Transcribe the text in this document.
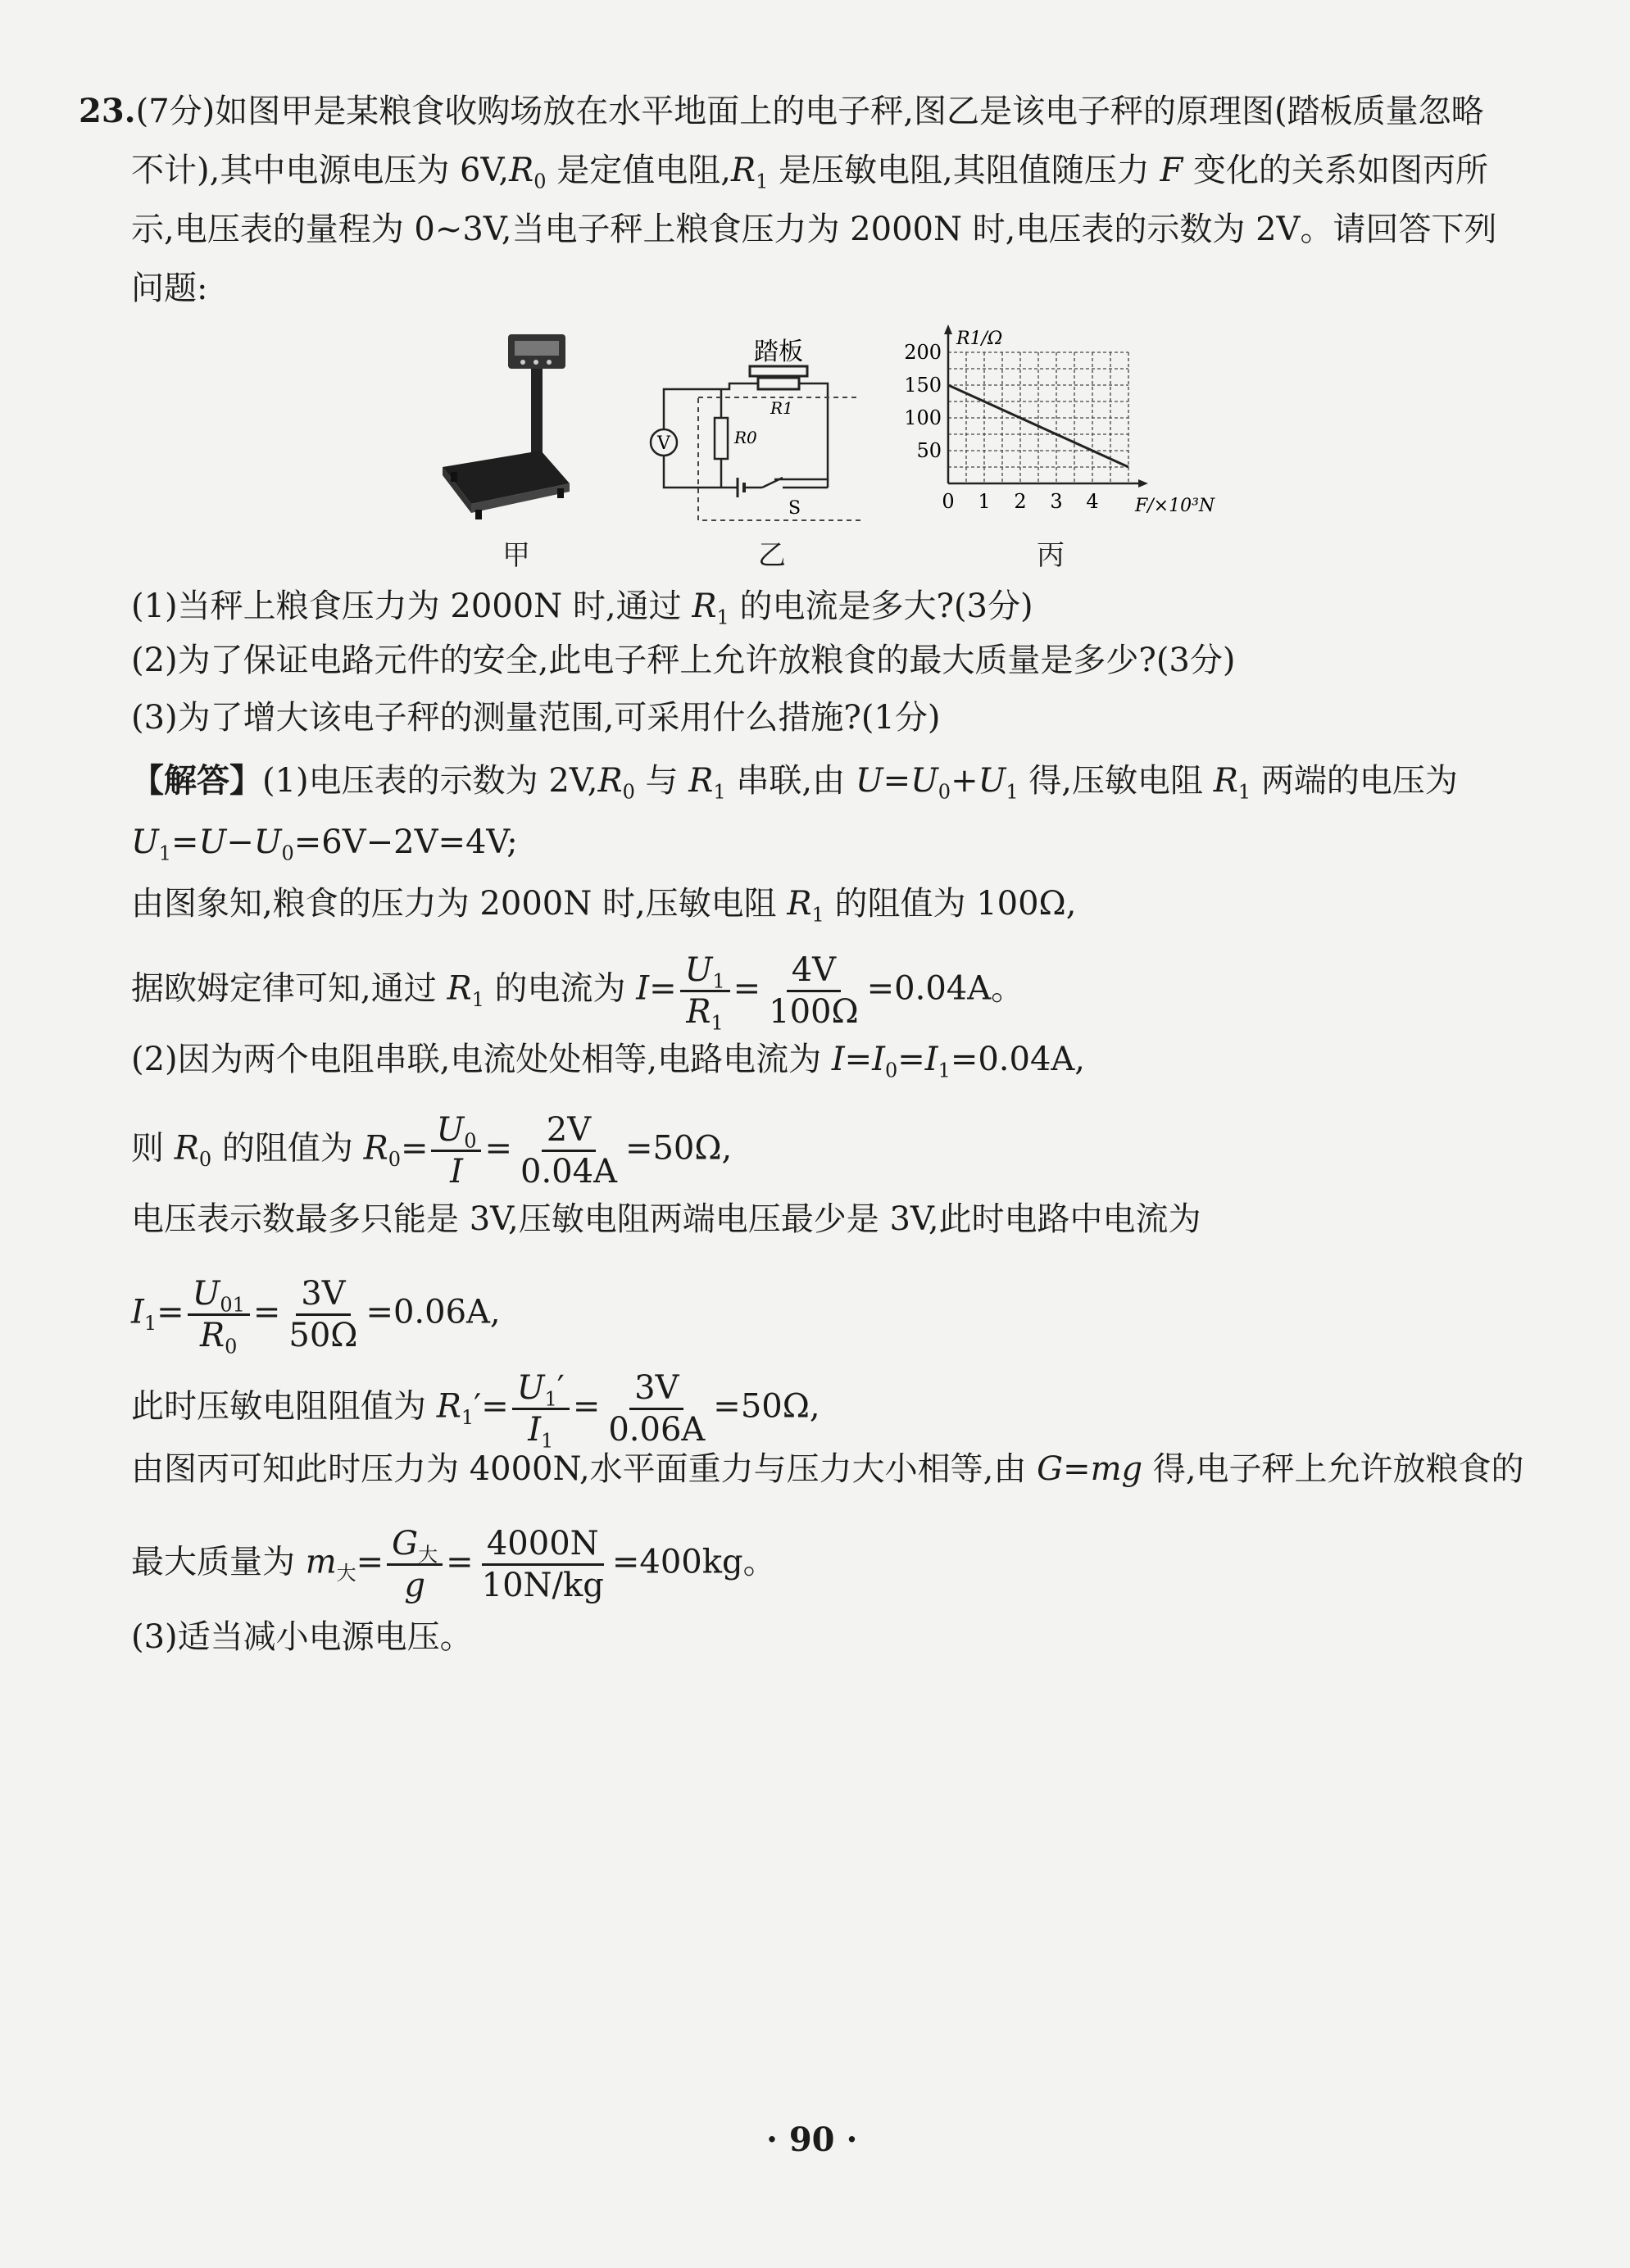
23.(7分)如图甲是某粮食收购场放在水平地面上的电子秤,图乙是该电子秤的原理图(踏板质量忽略
不计),其中电源电压为 $6V,R_0$ 是定值电阻$,R_1$ 是压敏电阻,其阻值随压力 F 变化的关系如图丙所
示,电压表的量程为 0~3V,当电子秤上粮食压力为 2000N 时,电压表的示数为 2V。请回答下列
问题:
甲
踏板
R1
V	R0
S
乙
200
150
100
50
0 1 2 3 4
R1/Ω
F/×10³N
丙
(1)当秤上粮食压力为 2000N 时,通过 $R_1$ 的电流是多大?(3分)
(2)为了保证电路元件的安全,此电子秤上允许放粮食的最大质量是多少?(3分)
(3)为了增大该电子秤的测量范围,可采用什么措施?(1分)
【解答】(1)电压表的示数为 $2V,R_0$ 与 $R_1$ 串联,由 $U=U_0+U_1$ 得,压敏电阻 $R_1$ 两端的电压为
$U_1=U-U_0=6V-2V=4V$;
由图象知,粮食的压力为 2000N 时,压敏电阻 $R_1$ 的阻值为 100Ω,
据欧姆定律可知,通过 $R_1$ 的电流为 $I= \frac{U_1}{R_1} = \frac{4V}{100\Omega} =0.04A$。
(2)因为两个电阻串联,电流处处相等,电路电流为 $I=I_0=I_1=0.04A$,
则 $R_0$ 的阻值为 $R_0= \frac{U_0}{I} = \frac{2V}{0.04A} =50\Omega$,
电压表示数最多只能是 3V,压敏电阻两端电压最少是 3V,此时电路中电流为
$I_1= \frac{U_{01}}{R_0} = \frac{3V}{50\Omega} =0.06A$,
此时压敏电阻阻值为 $R_1'= \frac{U_1'}{I_1} = \frac{3V}{0.06A} =50\Omega$,
由图丙可知此时压力为 4000N,水平面重力与压力大小相等,由 G=mg 得,电子秤上允许放粮食的
最大质量为 $m_大= \frac{G_大}{g} = \frac{4000N}{10N/kg} =400kg$。
(3)适当减小电源电压。
· 90 ·
